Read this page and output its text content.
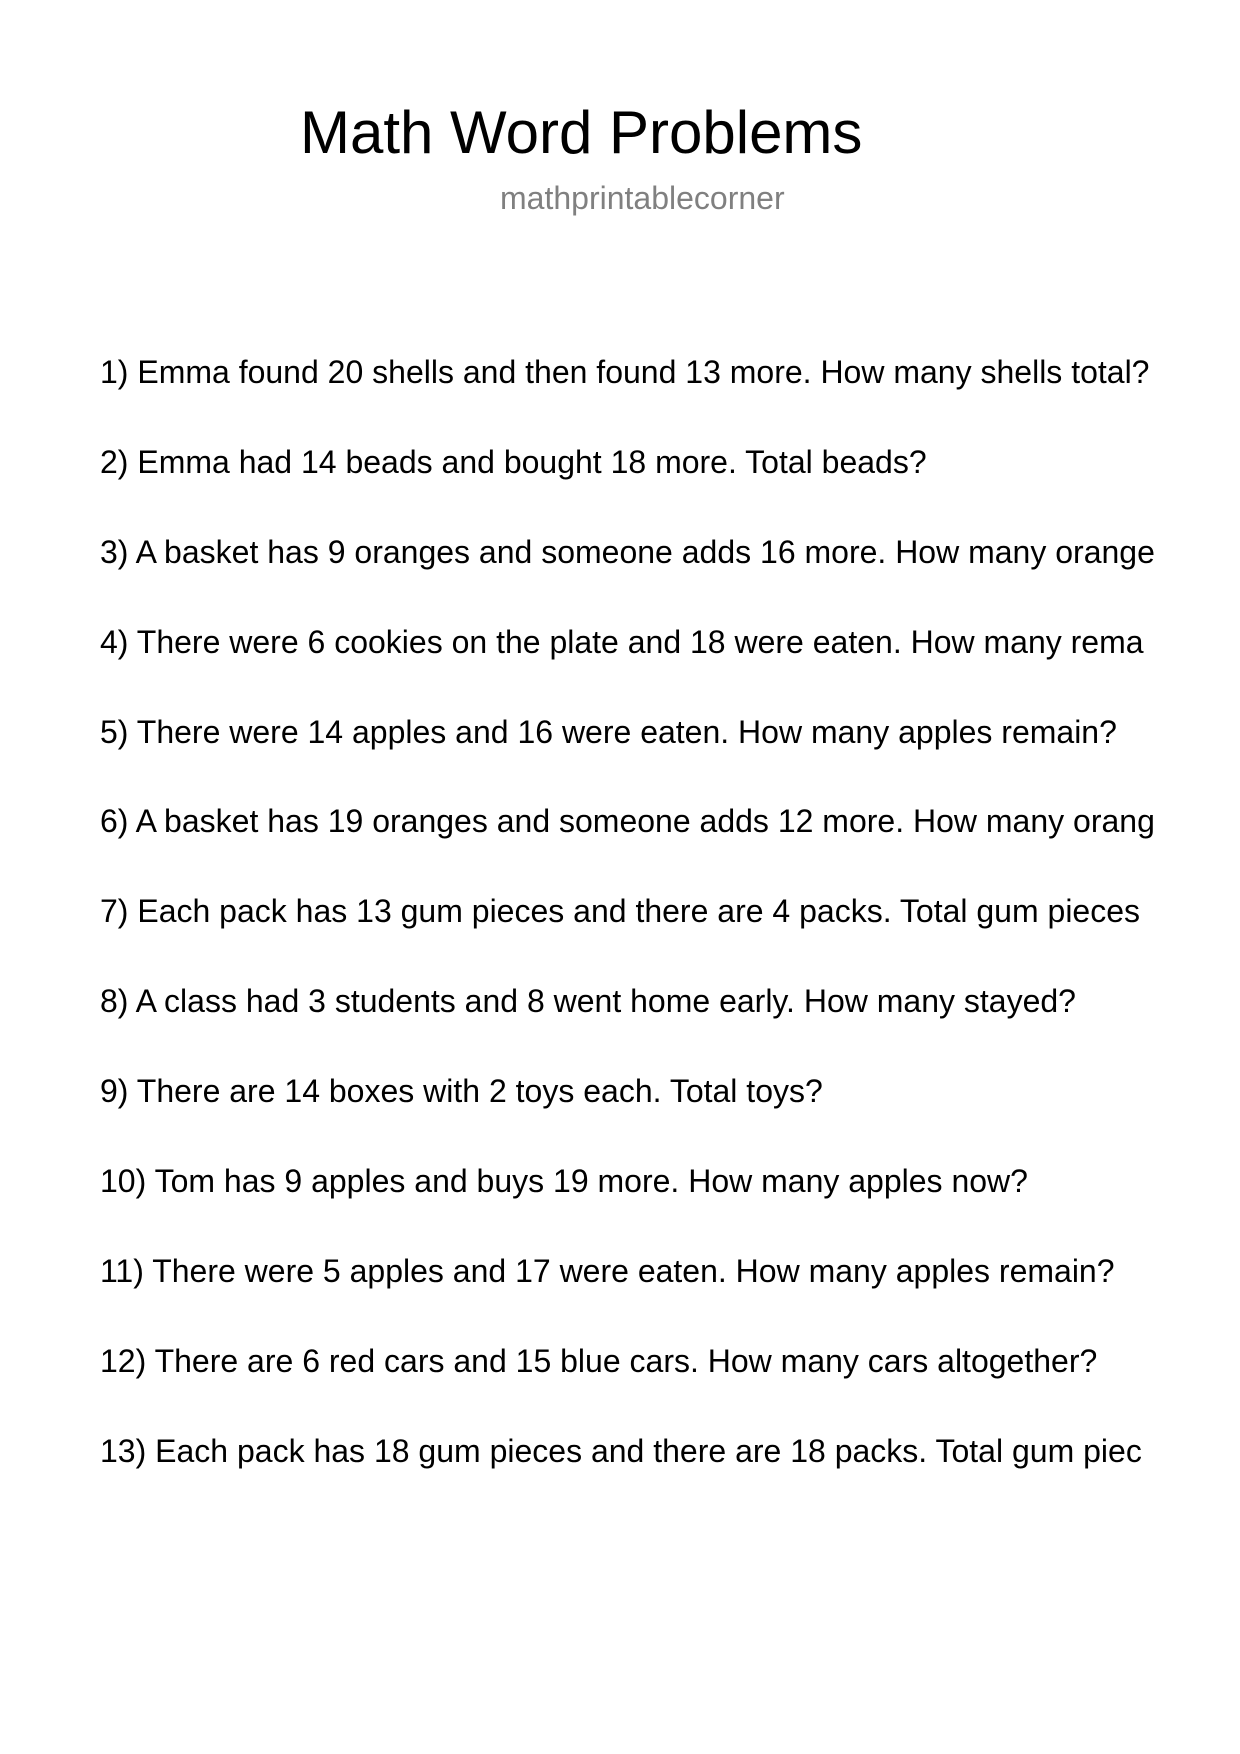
Math Word Problems
mathprintablecorner
1) Emma found 20 shells and then found 13 more. How many shells total?
2) Emma had 14 beads and bought 18 more. Total beads?
3) A basket has 9 oranges and someone adds 16 more. How many orange
4) There were 6 cookies on the plate and 18 were eaten. How many rema
5) There were 14 apples and 16 were eaten. How many apples remain?
6) A basket has 19 oranges and someone adds 12 more. How many orang
7) Each pack has 13 gum pieces and there are 4 packs. Total gum pieces
8) A class had 3 students and 8 went home early. How many stayed?
9) There are 14 boxes with 2 toys each. Total toys?
10) Tom has 9 apples and buys 19 more. How many apples now?
11) There were 5 apples and 17 were eaten. How many apples remain?
12) There are 6 red cars and 15 blue cars. How many cars altogether?
13) Each pack has 18 gum pieces and there are 18 packs. Total gum piec
